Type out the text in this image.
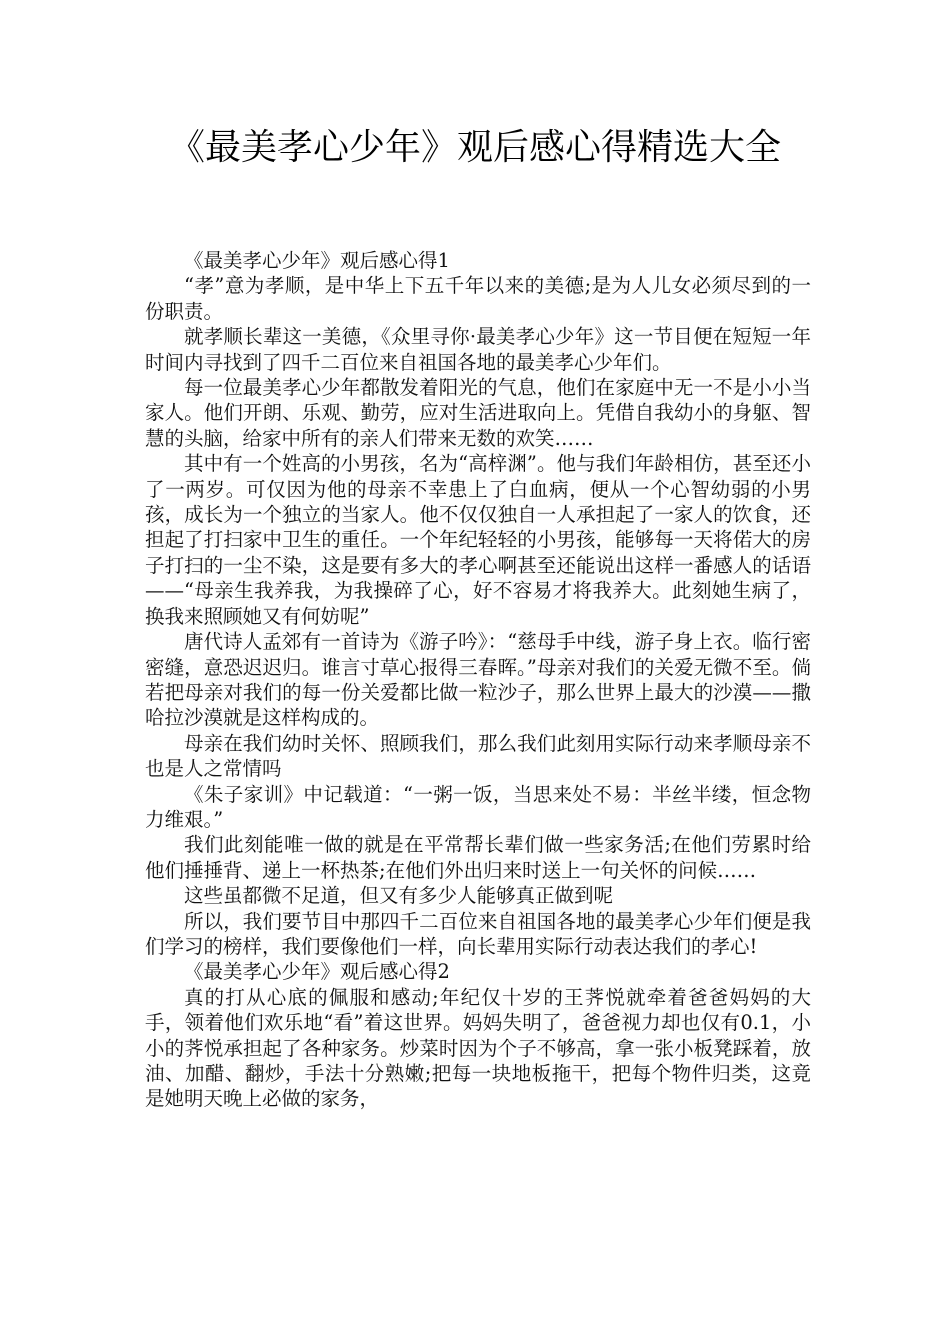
《最美孝心少年》观后感心得精选大全

《最美孝心少年》观后感心得1

“孝”意为孝顺，是中华上下五千年以来的美德;是为人儿女必须尽到的一份职责。

就孝顺长辈这一美德，《众里寻你·最美孝心少年》这一节目便在短短一年时间内寻找到了四千二百位来自祖国各地的最美孝心少年们。

每一位最美孝心少年都散发着阳光的气息，他们在家庭中无一不是小小当家人。他们开朗、乐观、勤劳，应对生活进取向上。凭借自我幼小的身躯、智慧的头脑，给家中所有的亲人们带来无数的欢笑……

其中有一个姓高的小男孩，名为“高梓渊”。他与我们年龄相仿，甚至还小了一两岁。可仅因为他的母亲不幸患上了白血病，便从一个心智幼弱的小男孩，成长为一个独立的当家人。他不仅仅独自一人承担起了一家人的饮食，还担起了打扫家中卫生的重任。一个年纪轻轻的小男孩，能够每一天将偌大的房子打扫的一尘不染，这是要有多大的孝心啊甚至还能说出这样一番感人的话语——“母亲生我养我，为我操碎了心，好不容易才将我养大。此刻她生病了，换我来照顾她又有何妨呢”

唐代诗人孟郊有一首诗为《游子吟》：“慈母手中线，游子身上衣。临行密密缝，意恐迟迟归。谁言寸草心报得三春晖。”母亲对我们的关爱无微不至。倘若把母亲对我们的每一份关爱都比做一粒沙子，那么世界上最大的沙漠——撒哈拉沙漠就是这样构成的。

母亲在我们幼时关怀、照顾我们，那么我们此刻用实际行动来孝顺母亲不也是人之常情吗

《朱子家训》中记载道：“一粥一饭，当思来处不易：半丝半缕，恒念物力维艰。”

我们此刻能唯一做的就是在平常帮长辈们做一些家务活;在他们劳累时给他们捶捶背、递上一杯热茶;在他们外出归来时送上一句关怀的问候……

这些虽都微不足道，但又有多少人能够真正做到呢

所以，我们要节目中那四千二百位来自祖国各地的最美孝心少年们便是我们学习的榜样，我们要像他们一样，向长辈用实际行动表达我们的孝心!

《最美孝心少年》观后感心得2

真的打从心底的佩服和感动;年纪仅十岁的王荠悦就牵着爸爸妈妈的大手，领着他们欢乐地“看”着这世界。妈妈失明了，爸爸视力却也仅有0.1，小小的荠悦承担起了各种家务。炒菜时因为个子不够高，拿一张小板凳踩着，放油、加醋、翻炒，手法十分熟嫩;把每一块地板拖干，把每个物件归类，这竟是她明天晚上必做的家务，
